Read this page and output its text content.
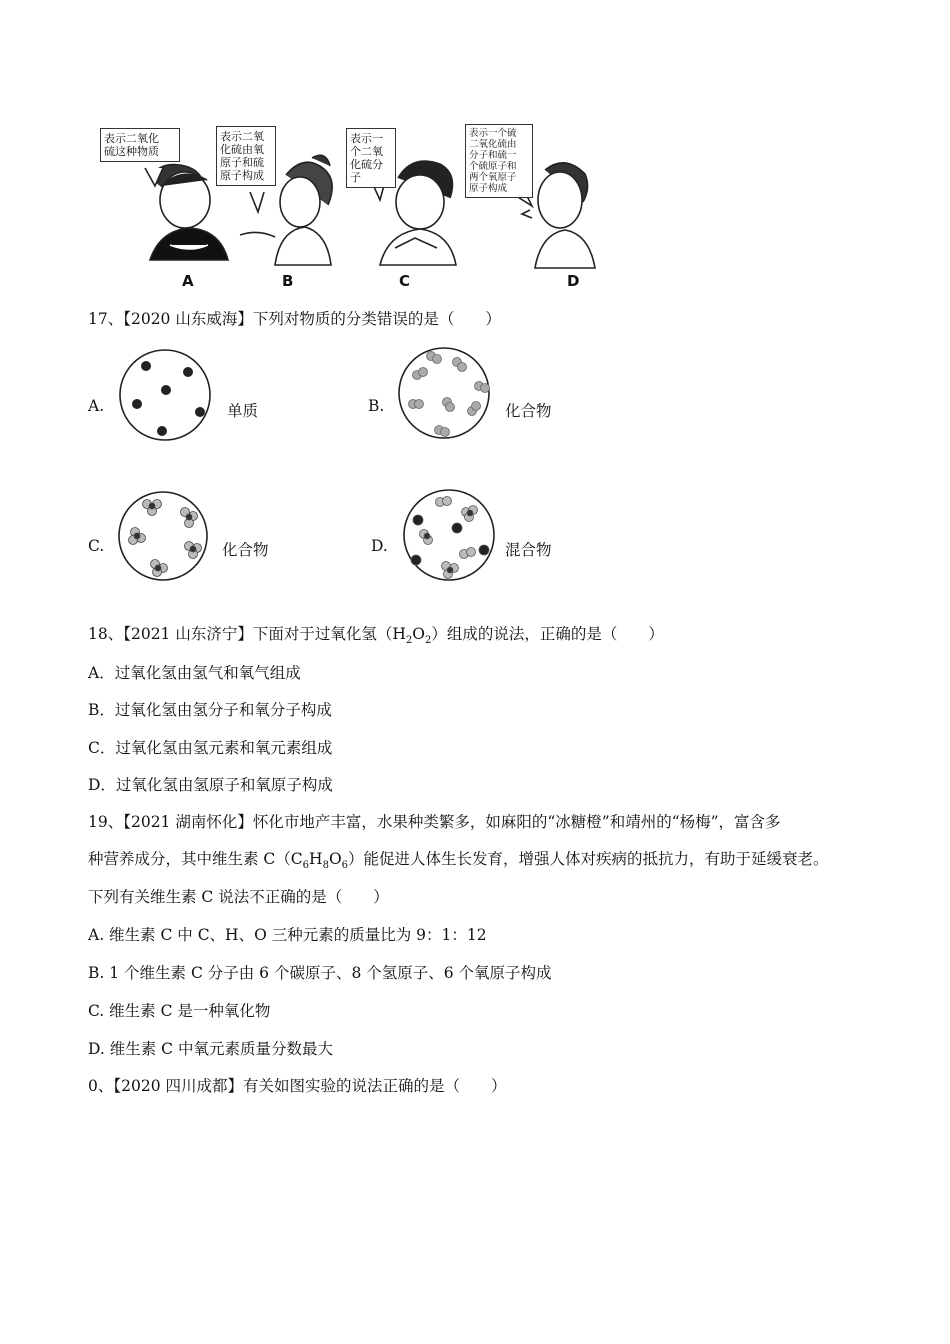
表示二氧化
硫这种物质
表示二氧
化硫由氧
原子和硫
原子构成
表示一
个二氧
化硫分
子
表示一个硫
二氧化硫由
分子和硫一
个硫原子和
两个氧原子
原子构成
A	B	C	D
17、【2020 山东威海】下列对物质的分类错误的是（　　）
A.	单质	B.	化合物
C.	化合物	D.	混合物
18、【2021 山东济宁】下面对于过氧化氢$(H_2O_2)$组成的说法，正确的是（　　）
A．过氧化氢由氢气和氧气组成
B．过氧化氢由氢分子和氧分子构成
C．过氧化氢由氢元素和氧元素组成
D．过氧化氢由氢原子和氧原子构成
19、【2021 湖南怀化】怀化市地产丰富，水果种类繁多，如麻阳的“冰糖橙”和靖州的“杨梅”，富含多
种营养成分，其中维生素 $C(C_6H_8O_6)$能促进人体生长发育，增强人体对疾病的抵抗力，有助于延缓衰老。
下列有关维生素 C 说法不正确的是（　　）
A. 维生素 C 中 C、H、O 三种元素的质量比为 9：1：12
B. 1 个维生素 C 分子由 6 个碳原子、8 个氢原子、6 个氧原子构成
C. 维生素 C 是一种氧化物
D. 维生素 C 中氧元素质量分数最大
0、【2020 四川成都】有关如图实验的说法正确的是（　　）
